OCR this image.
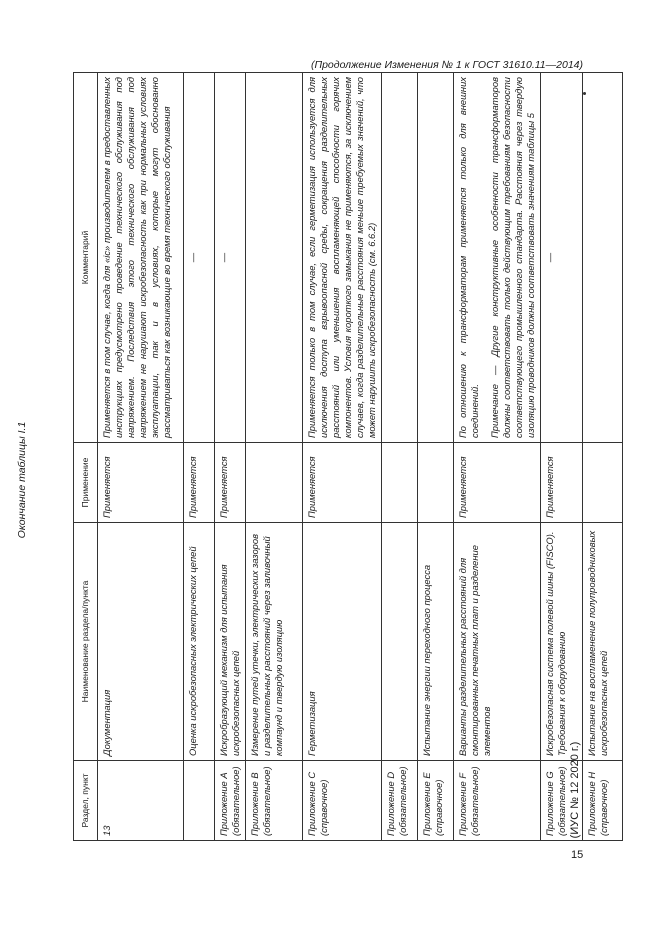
(Продолжение Изменения № 1 к ГОСТ 31610.11—2014)
Окончание таблицы I.1
Раздел, пункт	Наименование раздела/пункта	Применение	Комментарий
13	Документация	Применяется	Применяется в том случае, когда для «ic» производителем в предоставленных инструкциях предусмотрено проведение технического обслуживания под напряжением. Последствия этого технического обслуживания под напряжением не нарушают искробезопасность как при нормальных условиях эксплуатации, так и в условиях, которые могут обоснованно рассматриваться как возникающие во время технического обслуживания

	Оценка искробезопасных электрических цепей	Применяется	—
Приложение A (обязательное)	Искробразующий механизм для испытания искробезопасных цепей	Применяется	—
Приложение B (обязательное)	Измерение путей утечки, электрических зазоров и разделительных расстояний через заливочный компаунд и твердую изоляцию		
Приложение C (справочное)	Герметизация	Применяется	Применяется только в том случае, если герметизация используется для исключения доступа взрывоопасной среды, сокращения разделительных расстояний или уменьшения воспламеняющей способности горячих компонентов. Условия короткого замыкания не применяются, за исключением случаев, когда разделительные расстояния меньше требуемых значений, что может нарушить искробезопасность (см. 6.6.2)

Приложение D (обязательное)			
Приложение E (справочное)	Испытание энергии переходного процесса		
Приложение F (обязательное)	Варианты разделительных расстояний для смонтированных печатных плат и разделение элементов	Применяется	По отношению к трансформаторам применяется только для внешних соединений. Примечание — Другие конструктивные особенности трансформаторов должны соответствовать только действующим требованиям безопасности соответствующего промышленного стандарта. Расстояния через твердую изоляцию проводников должны соответствовать значениям таблицы 5

Приложение G (обязательное)	Искробезопасная система полевой шины (FISCO). Требования к оборудованию	Применяется	—
Приложение H (справочное)	Испытание на воспламенение полупроводниковых искробезопасных цепей		
(ИУС № 12 2020 г.)
15
